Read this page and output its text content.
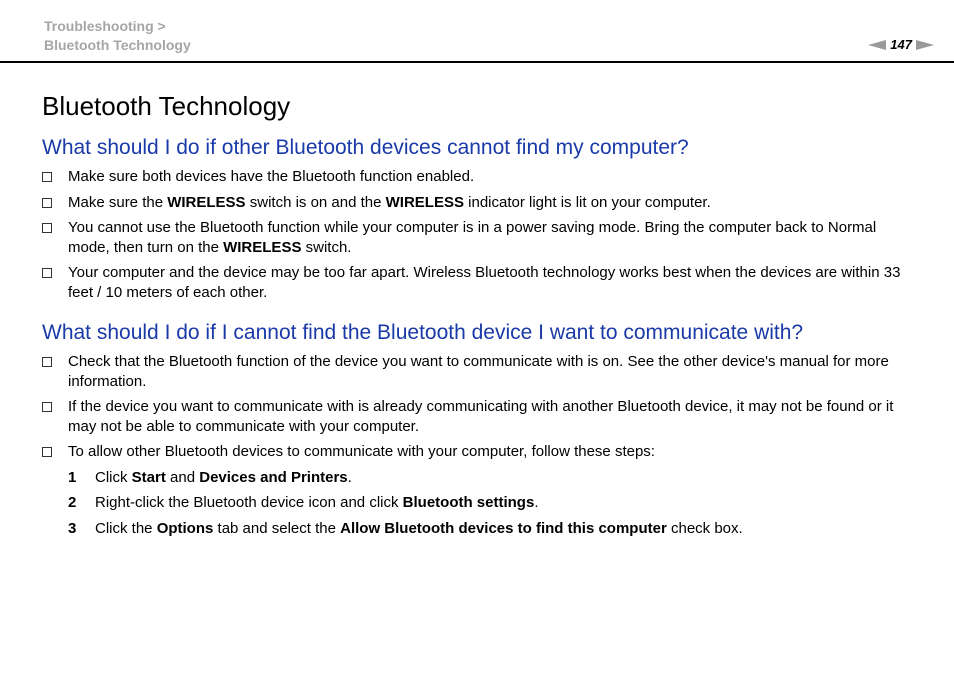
Troubleshooting >
Bluetooth Technology	147
Bluetooth Technology
What should I do if other Bluetooth devices cannot find my computer?
Make sure both devices have the Bluetooth function enabled.
Make sure the WIRELESS switch is on and the WIRELESS indicator light is lit on your computer.
You cannot use the Bluetooth function while your computer is in a power saving mode. Bring the computer back to Normal mode, then turn on the WIRELESS switch.
Your computer and the device may be too far apart. Wireless Bluetooth technology works best when the devices are within 33 feet / 10 meters of each other.
What should I do if I cannot find the Bluetooth device I want to communicate with?
Check that the Bluetooth function of the device you want to communicate with is on. See the other device's manual for more information.
If the device you want to communicate with is already communicating with another Bluetooth device, it may not be found or it may not be able to communicate with your computer.
To allow other Bluetooth devices to communicate with your computer, follow these steps:
1 Click Start and Devices and Printers.
2 Right-click the Bluetooth device icon and click Bluetooth settings.
3 Click the Options tab and select the Allow Bluetooth devices to find this computer check box.
